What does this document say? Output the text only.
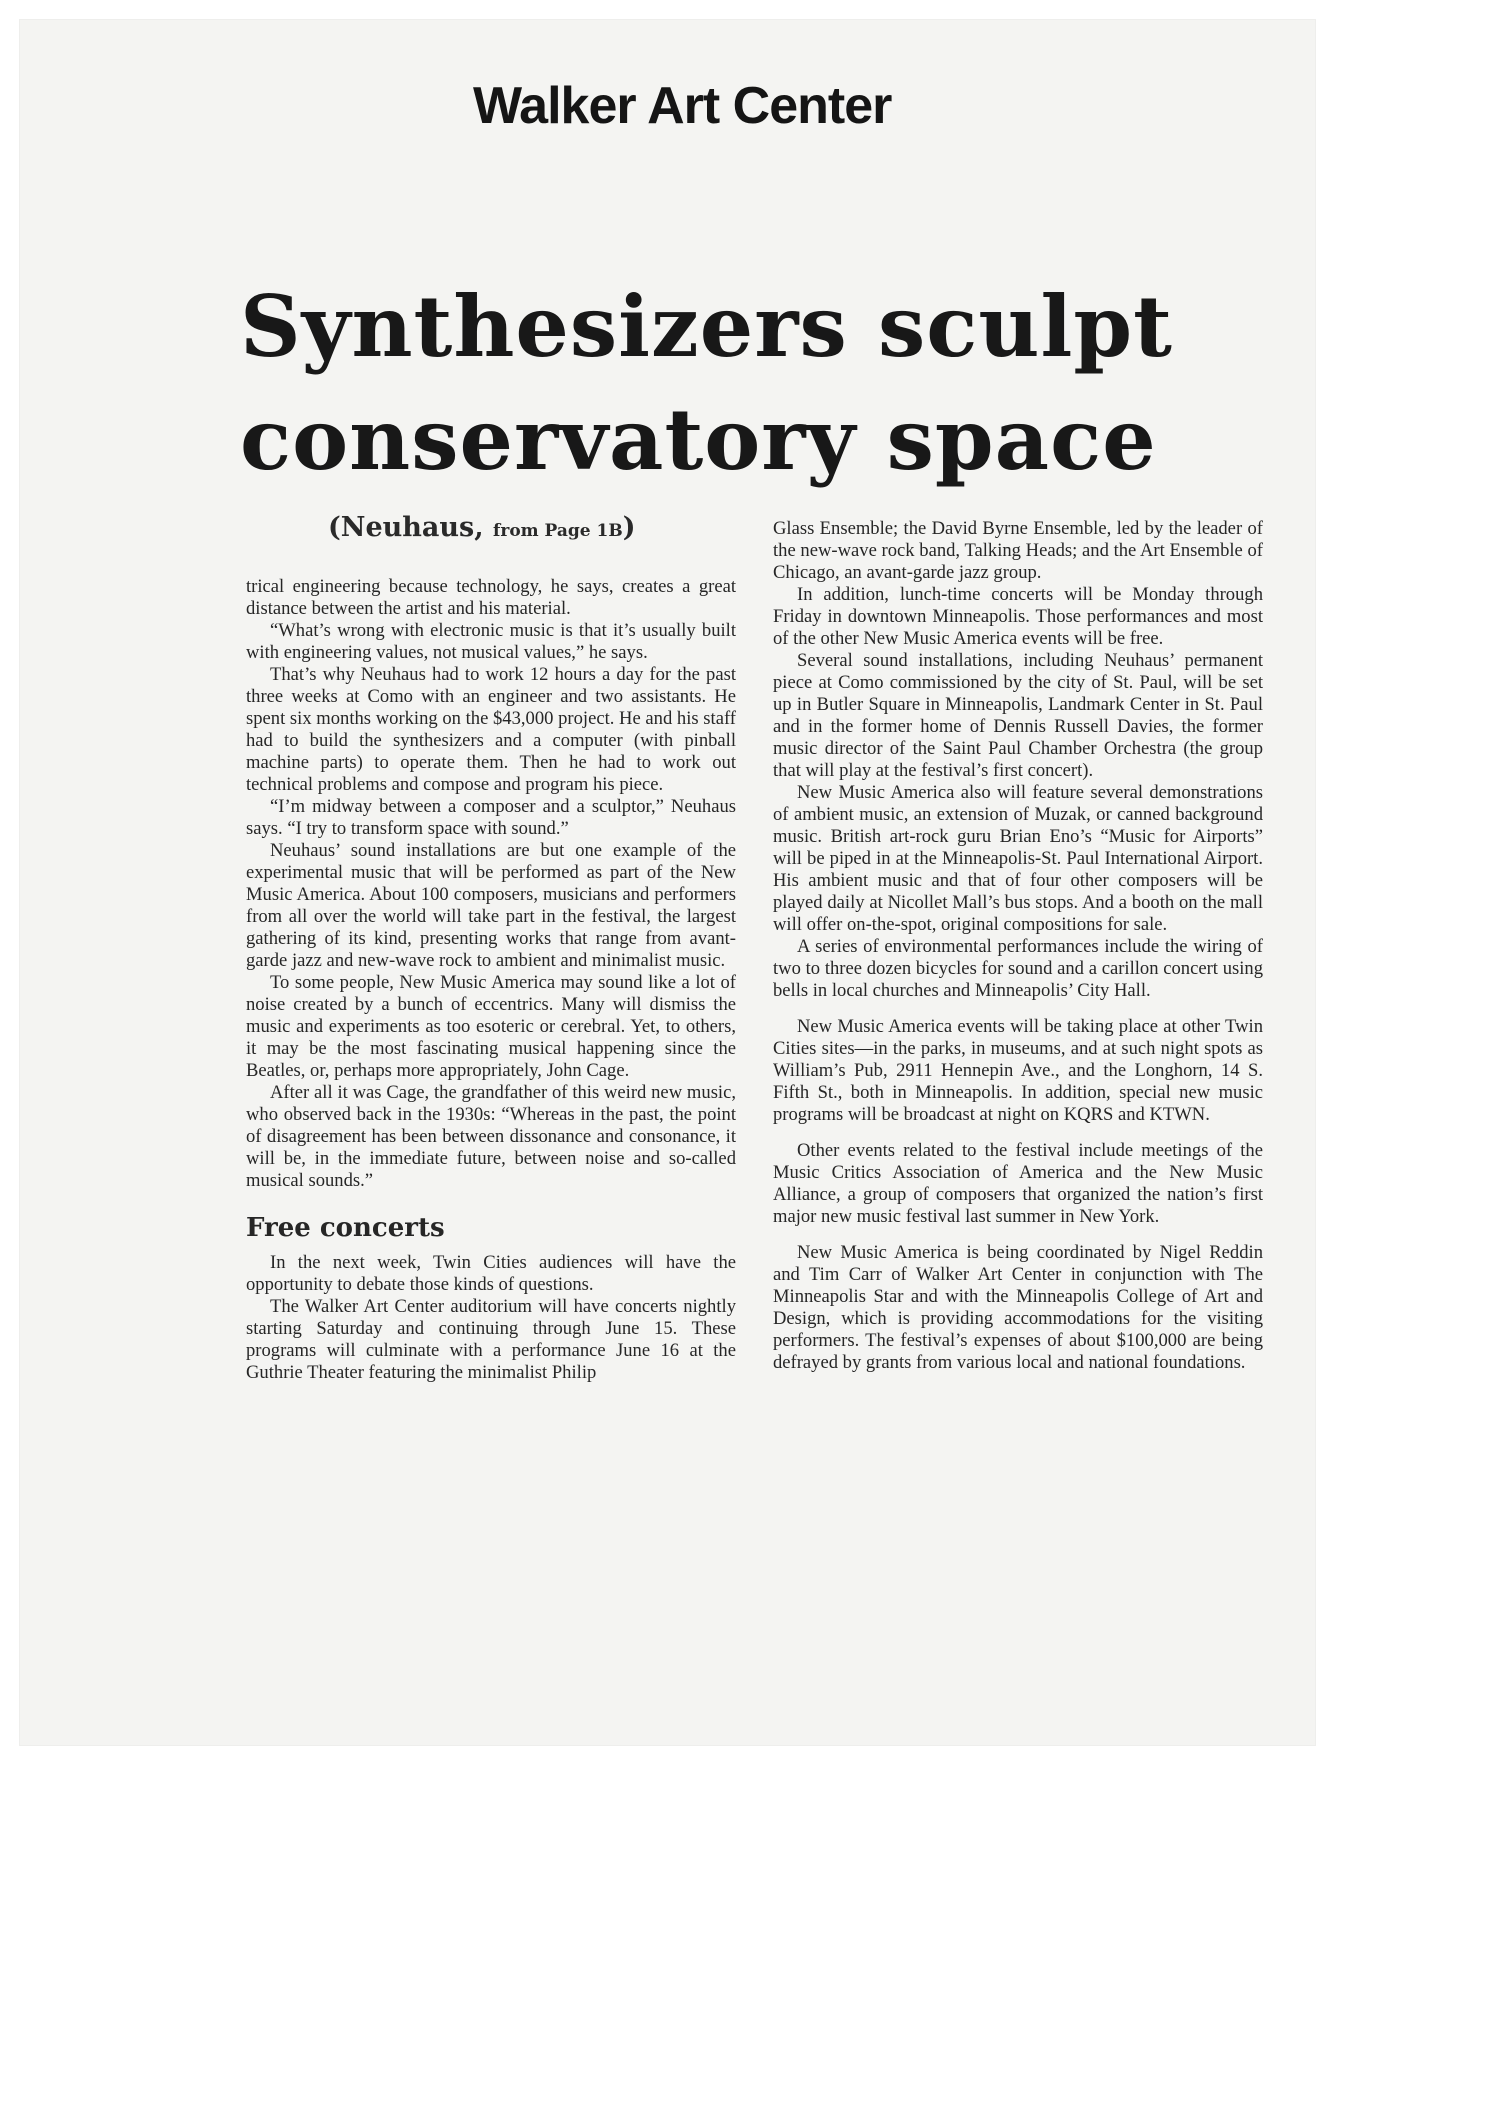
Walker Art Center
Synthesizers sculpt
conservatory space
(Neuhaus, from Page 1B)

trical engineering because technology, he says, creates a great distance between the artist and his material.

“What’s wrong with electronic music is that it’s usually built with engineering values, not musical values,” he says.

That’s why Neuhaus had to work 12 hours a day for the past three weeks at Como with an engineer and two assistants. He spent six months working on the $43,000 project. He and his staff had to build the synthesizers and a computer (with pinball machine parts) to operate them. Then he had to work out technical problems and compose and program his piece.

“I’m midway between a composer and a sculptor,” Neuhaus says. “I try to transform space with sound.”

Neuhaus’ sound installations are but one example of the experimental music that will be performed as part of the New Music America. About 100 composers, musicians and performers from all over the world will take part in the festival, the largest gathering of its kind, presenting works that range from avant-garde jazz and new-wave rock to ambient and minimalist music.

To some people, New Music America may sound like a lot of noise created by a bunch of eccentrics. Many will dismiss the music and experiments as too esoteric or cerebral. Yet, to others, it may be the most fascinating musical happening since the Beatles, or, perhaps more appropriately, John Cage.

After all it was Cage, the grandfather of this weird new music, who observed back in the 1930s: “Whereas in the past, the point of disagreement has been between dissonance and consonance, it will be, in the immediate future, between noise and so-called musical sounds.”

Free concerts

In the next week, Twin Cities audiences will have the opportunity to debate those kinds of questions.

The Walker Art Center auditorium will have concerts nightly starting Saturday and continuing through June 15. These programs will culminate with a performance June 16 at the Guthrie Theater featuring the minimalist Philip

Glass Ensemble; the David Byrne Ensemble, led by the leader of the new-wave rock band, Talking Heads; and the Art Ensemble of Chicago, an avant-garde jazz group.

In addition, lunch-time concerts will be Monday through Friday in downtown Minneapolis. Those performances and most of the other New Music America events will be free.

Several sound installations, including Neuhaus’ permanent piece at Como commissioned by the city of St. Paul, will be set up in Butler Square in Minneapolis, Landmark Center in St. Paul and in the former home of Dennis Russell Davies, the former music director of the Saint Paul Chamber Orchestra (the group that will play at the festival’s first concert).

New Music America also will feature several demonstrations of ambient music, an extension of Muzak, or canned background music. British art-rock guru Brian Eno’s “Music for Airports” will be piped in at the Minneapolis-St. Paul International Airport. His ambient music and that of four other composers will be played daily at Nicollet Mall’s bus stops. And a booth on the mall will offer on-the-spot, original compositions for sale.

A series of environmental performances include the wiring of two to three dozen bicycles for sound and a carillon concert using bells in local churches and Minneapolis’ City Hall.

New Music America events will be taking place at other Twin Cities sites—in the parks, in museums, and at such night spots as William’s Pub, 2911 Hennepin Ave., and the Longhorn, 14 S. Fifth St., both in Minneapolis. In addition, special new music programs will be broadcast at night on KQRS and KTWN.

Other events related to the festival include meetings of the Music Critics Association of America and the New Music Alliance, a group of composers that organized the nation’s first major new music festival last summer in New York.

New Music America is being coordinated by Nigel Reddin and Tim Carr of Walker Art Center in conjunction with The Minneapolis Star and with the Minneapolis College of Art and Design, which is providing accommodations for the visiting performers. The festival’s expenses of about $100,000 are being defrayed by grants from various local and national foundations.
